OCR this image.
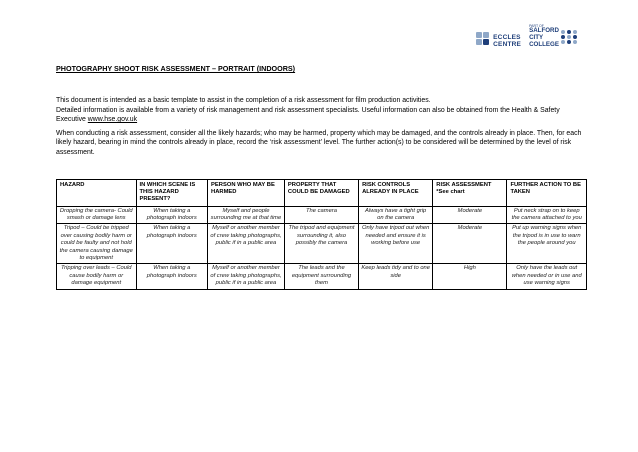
ECCLES
CENTRE
PART OF
SALFORD
CITY
COLLEGE
PHOTOGRAPHY SHOOT RISK ASSESSMENT – PORTRAIT (INDOORS)

This document is intended as a basic template to assist in the completion of a risk assessment for film production activities.
Detailed information is available from a variety of risk management and risk assessment specialists. Useful information can also be obtained from the Health & Safety Executive www.hse.gov.uk

When conducting a risk assessment, consider all the likely hazards; who may be harmed, property which may be damaged, and the controls already in place. Then, for each likely hazard, bearing in mind the controls already in place, record the ‘risk assessment’ level. The further action(s) to be considered will be determined by the level of risk assessment.

HAZARD	IN WHICH SCENE IS THIS HAZARD PRESENT?	PERSON WHO MAY BE HARMED	PROPERTY THAT COULD BE DAMAGED	RISK CONTROLS ALREADY IN PLACE	RISK ASSESSMENT *See chart	FURTHER ACTION TO BE TAKEN
Dropping the camera- Could smash or damage lens	When taking a photograph indoors	Myself and people surrounding me at that time	The camera	Always have a tight grip on the camera	Moderate	Put neck strap on to keep the camera attached to you
Tripod – Could be tripped over causing bodily harm or could be faulty and not hold the camera causing damage to equipment	When taking a photograph indoors	Myself or another member of crew taking photographs, public if in a public area	The tripod and equipment surrounding it, also possibly the camera	Only have tripod out when needed and ensure it is working before use	Moderate	Put up warning signs when the tripod is in use to warn the people around you
Tripping over leads – Could cause bodily harm or damage equipment	When taking a photograph indoors	Myself or another member of crew taking photographs, public if in a public area	The leads and the equipment surrounding them	Keep leads tidy and to one side	High	Only have the leads out when needed or in use and use warning signs
